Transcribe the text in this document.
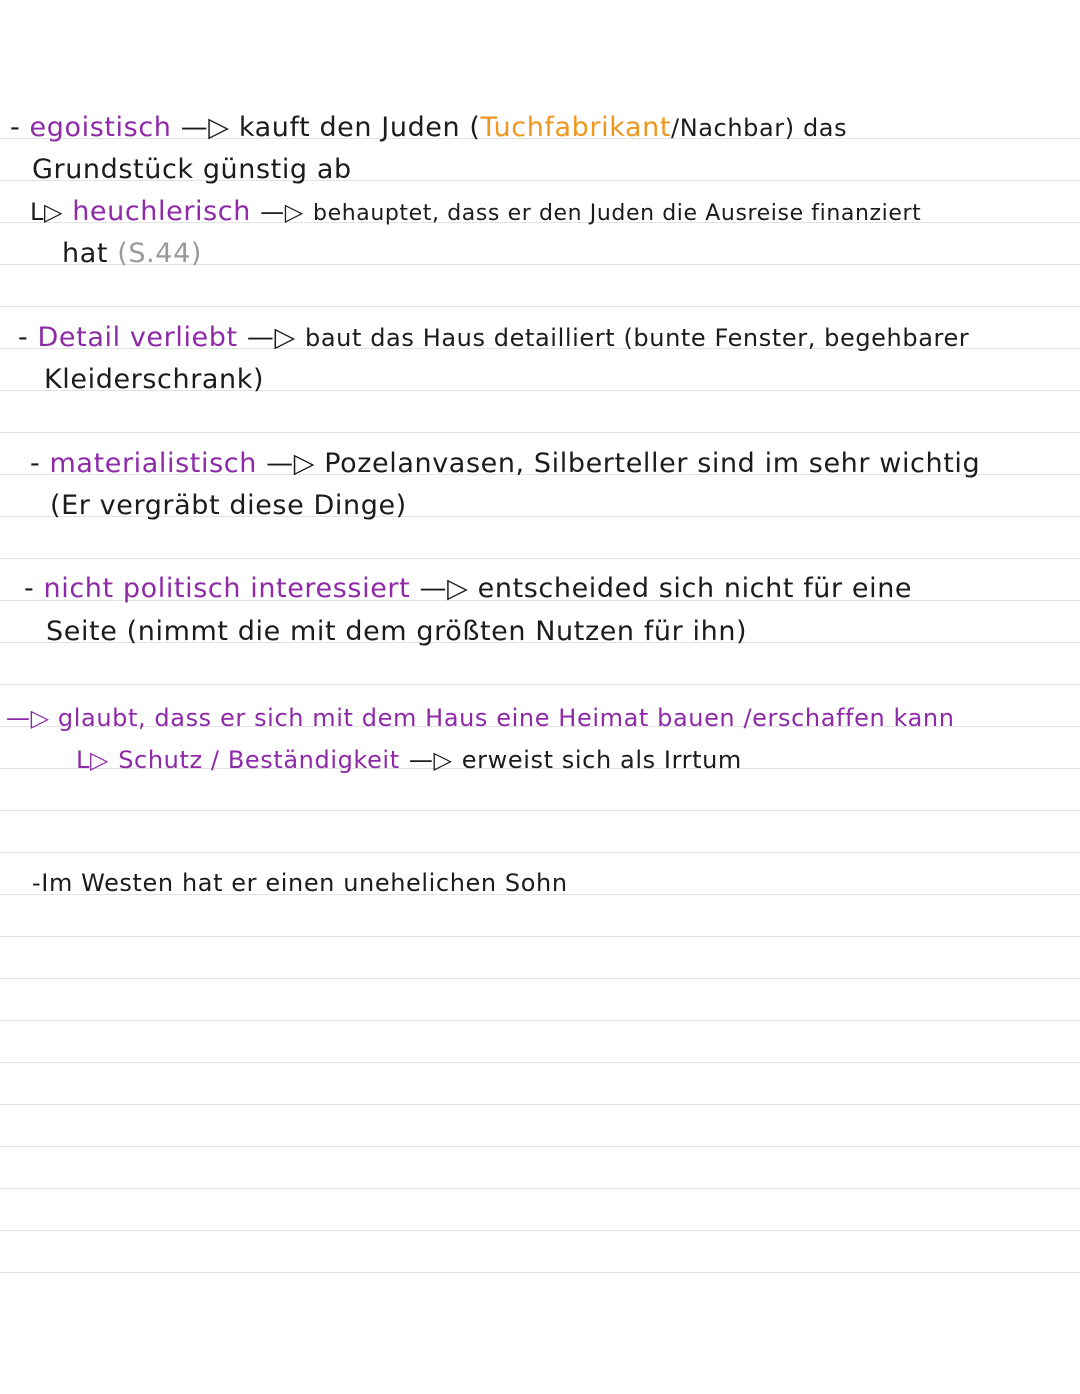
- egoistisch —▷ kauft den Juden (Tuchfabrikant/Nachbar) das
Grundstück günstig ab
L▷ heuchlerisch —▷ behauptet, dass er den Juden die Ausreise finanziert
hat (S.44)
- Detail verliebt —▷ baut das Haus detailliert (bunte Fenster, begehbarer
Kleiderschrank)
- materialistisch —▷ Pozelanvasen, Silberteller sind im sehr wichtig
(Er vergräbt diese Dinge)
- nicht politisch interessiert —▷ entscheided sich nicht für eine
Seite (nimmt die mit dem größten Nutzen für ihn)
—▷ glaubt, dass er sich mit dem Haus eine Heimat bauen /erschaffen kann
L▷ Schutz / Beständigkeit —▷ erweist sich als Irrtum
-Im Westen hat er einen unehelichen Sohn
